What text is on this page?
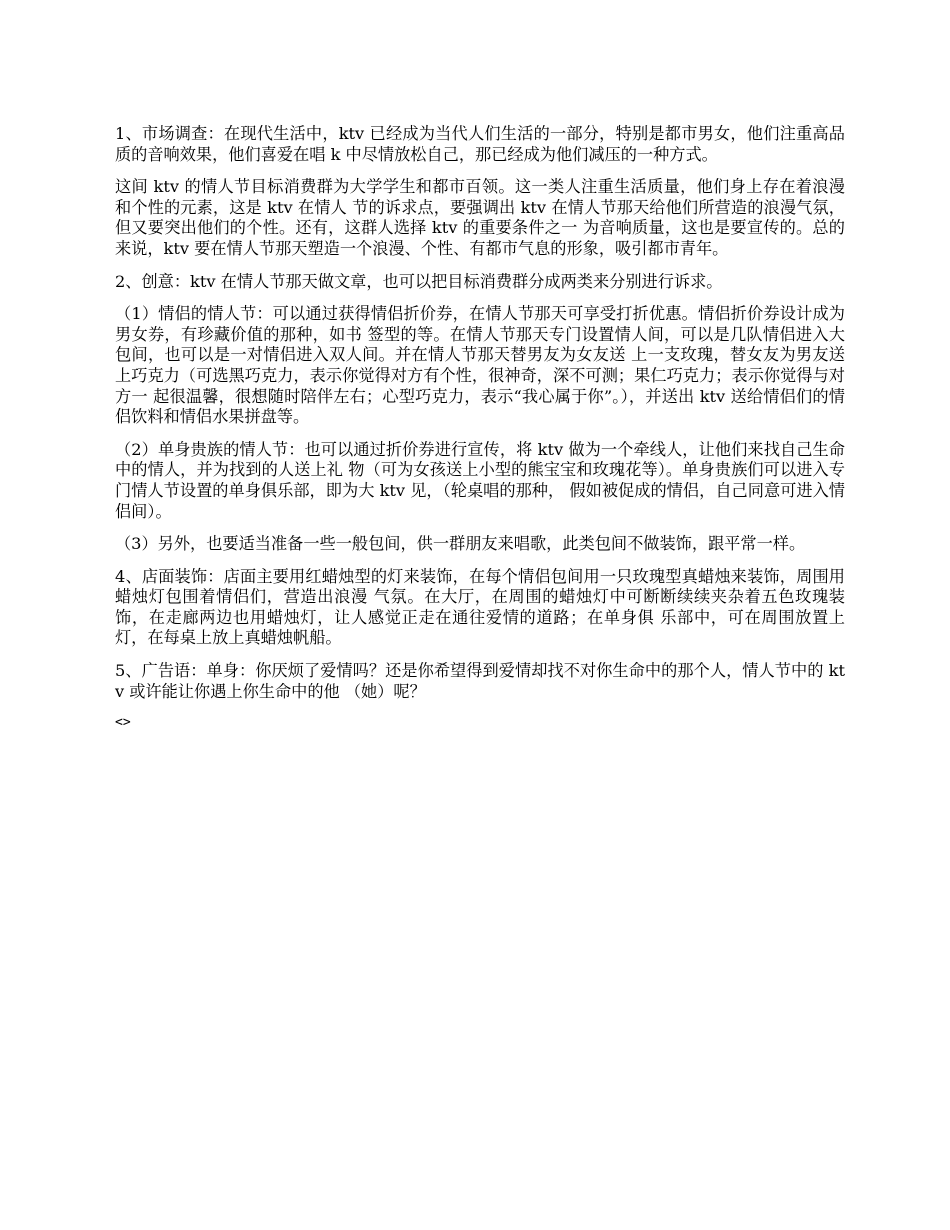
1、市场调查：在现代生活中，ktv 已经成为当代人们生活的一部分，特别是都市男女，他们注重高品质的音响效果，他们喜爱在唱 k 中尽情放松自己，那已经成为他们减压的一种方式。

这间 ktv 的情人节目标消费群为大学学生和都市百领。这一类人注重生活质量，他们身上存在着浪漫和个性的元素，这是 ktv 在情人 节的诉求点，要强调出 ktv 在情人节那天给他们所营造的浪漫气氛，但又要突出他们的个性。还有，这群人选择 ktv 的重要条件之一 为音响质量，这也是要宣传的。总的来说，ktv 要在情人节那天塑造一个浪漫、个性、有都市气息的形象，吸引都市青年。

2、创意：ktv 在情人节那天做文章，也可以把目标消费群分成两类来分别进行诉求。

（1）情侣的情人节：可以通过获得情侣折价券，在情人节那天可享受打折优惠。情侣折价券设计成为男女券，有珍藏价值的那种，如书 签型的等。在情人节那天专门设置情人间，可以是几队情侣进入大包间，也可以是一对情侣进入双人间。并在情人节那天替男友为女友送 上一支玫瑰，替女友为男友送上巧克力（可选黑巧克力，表示你觉得对方有个性，很神奇，深不可测；果仁巧克力；表示你觉得与对方一 起很温馨，很想随时陪伴左右；心型巧克力，表示“我心属于你”。），并送出 ktv 送给情侣们的情侣饮料和情侣水果拼盘等。

（2）单身贵族的情人节：也可以通过折价券进行宣传，将 ktv 做为一个牵线人，让他们来找自己生命中的情人，并为找到的人送上礼 物（可为女孩送上小型的熊宝宝和玫瑰花等）。单身贵族们可以进入专门情人节设置的单身俱乐部，即为大 ktv 见，（轮桌唱的那种， 假如被促成的情侣，自己同意可进入情侣间）。

（3）另外，也要适当准备一些一般包间，供一群朋友来唱歌，此类包间不做装饰，跟平常一样。

4、店面装饰：店面主要用红蜡烛型的灯来装饰，在每个情侣包间用一只玫瑰型真蜡烛来装饰，周围用蜡烛灯包围着情侣们，营造出浪漫 气氛。在大厅，在周围的蜡烛灯中可断断续续夹杂着五色玫瑰装饰，在走廊两边也用蜡烛灯，让人感觉正走在通往爱情的道路；在单身俱 乐部中，可在周围放置上灯，在每桌上放上真蜡烛帆船。

5、广告语：单身：你厌烦了爱情吗？还是你希望得到爱情却找不对你生命中的那个人，情人节中的 ktv 或许能让你遇上你生命中的他 （她）呢？

<>
